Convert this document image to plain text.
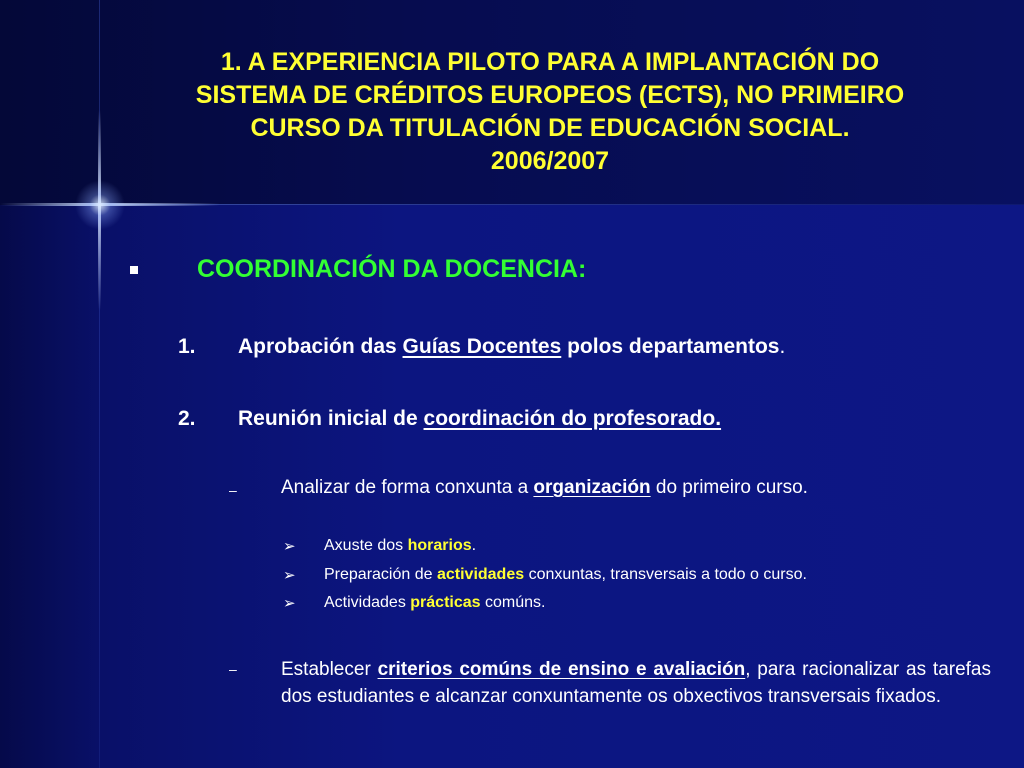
1. A EXPERIENCIA PILOTO PARA A IMPLANTACIÓN DO
SISTEMA DE CRÉDITOS EUROPEOS (ECTS), NO PRIMEIRO
CURSO DA TITULACIÓN DE EDUCACIÓN SOCIAL.
2006/2007
COORDINACIÓN DA DOCENCIA:
1. Aprobación das Guías Docentes polos departamentos.
2. Reunión inicial de coordinación do profesorado.
– Analizar de forma conxunta a organización do primeiro curso.
➢ Axuste dos horarios.
➢ Preparación de actividades conxuntas, transversais a todo o curso.
➢ Actividades prácticas comúns.
– Establecer criterios comúns de ensino e avaliación, para racionalizar as tarefas dos estudiantes e alcanzar conxuntamente os obxectivos transversais fixados.
